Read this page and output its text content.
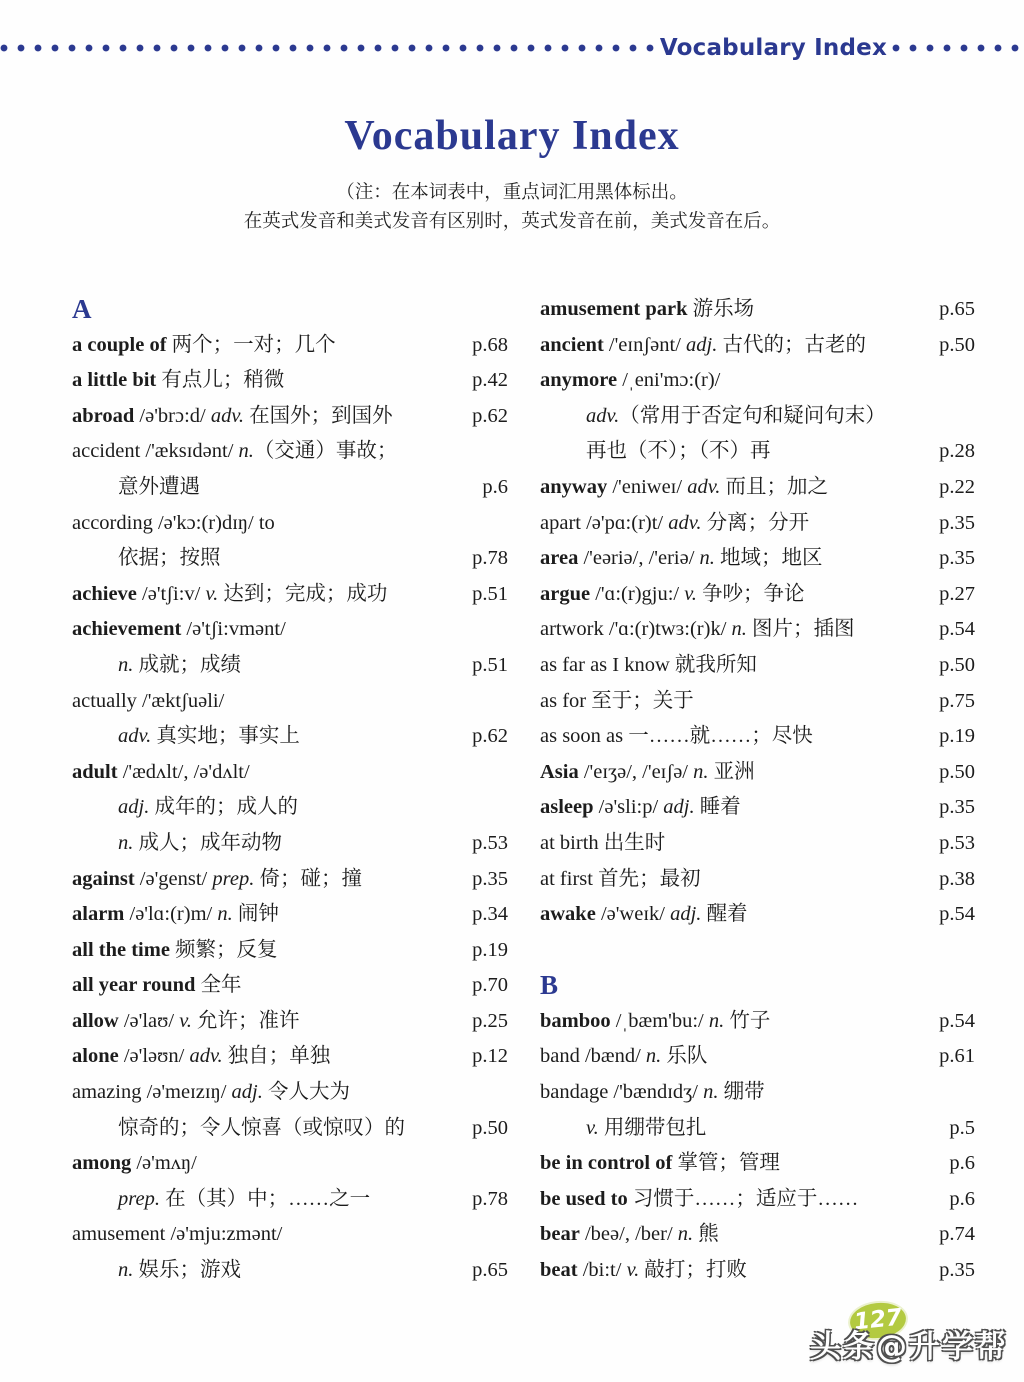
Vocabulary Index
Vocabulary Index
（注：在本词表中，重点词汇用黑体标出。
在英式发音和美式发音有区别时，英式发音在前，美式发音在后。
A
a couple of 两个；一对；几个	p.68
a little bit 有点儿；稍微	p.42
abroad /ə'brɔ:d/ adv. 在国外；到国外	p.62
accident /'æksɪdənt/ n.（交通）事故；
意外遭遇	p.6
according /ə'kɔ:(r)dɪŋ/ to
依据；按照	p.78
achieve /ə'tʃi:v/ v. 达到；完成；成功	p.51
achievement /ə'tʃi:vmənt/
n. 成就；成绩	p.51
actually /'æktʃuəli/
adv. 真实地；事实上	p.62
adult /'ædʌlt/, /ə'dʌlt/
adj. 成年的；成人的
n. 成人；成年动物	p.53
against /ə'genst/ prep. 倚；碰；撞	p.35
alarm /ə'lɑ:(r)m/ n. 闹钟	p.34
all the time 频繁；反复	p.19
all year round 全年	p.70
allow /ə'laʊ/ v. 允许；准许	p.25
alone /ə'ləʊn/ adv. 独自；单独	p.12
amazing /ə'meɪzɪŋ/ adj. 令人大为
惊奇的；令人惊喜（或惊叹）的	p.50
among /ə'mʌŋ/
prep. 在（其）中；……之一	p.78
amusement /ə'mju:zmənt/
n. 娱乐；游戏	p.65
amusement park 游乐场	p.65
ancient /'eɪnʃənt/ adj. 古代的；古老的	p.50
anymore /ˌeni'mɔ:(r)/
adv.（常用于否定句和疑问句末）
再也（不）；（不）再	p.28
anyway /'eniweɪ/ adv. 而且；加之	p.22
apart /ə'pɑ:(r)t/ adv. 分离；分开	p.35
area /'eəriə/, /'eriə/ n. 地域；地区	p.35
argue /'ɑ:(r)gju:/ v. 争吵；争论	p.27
artwork /'ɑ:(r)twɜ:(r)k/ n. 图片；插图	p.54
as far as I know 就我所知	p.50
as for 至于；关于	p.75
as soon as 一……就……；尽快	p.19
Asia /'eɪʒə/, /'eɪʃə/ n. 亚洲	p.50
asleep /ə'sli:p/ adj. 睡着	p.35
at birth 出生时	p.53
at first 首先；最初	p.38
awake /ə'weɪk/ adj. 醒着	p.54
B
bamboo /ˌbæm'bu:/ n. 竹子	p.54
band /bænd/ n. 乐队	p.61
bandage /'bændɪdʒ/ n. 绷带
v. 用绷带包扎	p.5
be in control of 掌管；管理	p.6
be used to 习惯于……；适应于……	p.6
bear /beə/, /ber/ n. 熊	p.74
beat /bi:t/ v. 敲打；打败	p.35
127
头条@升学帮
